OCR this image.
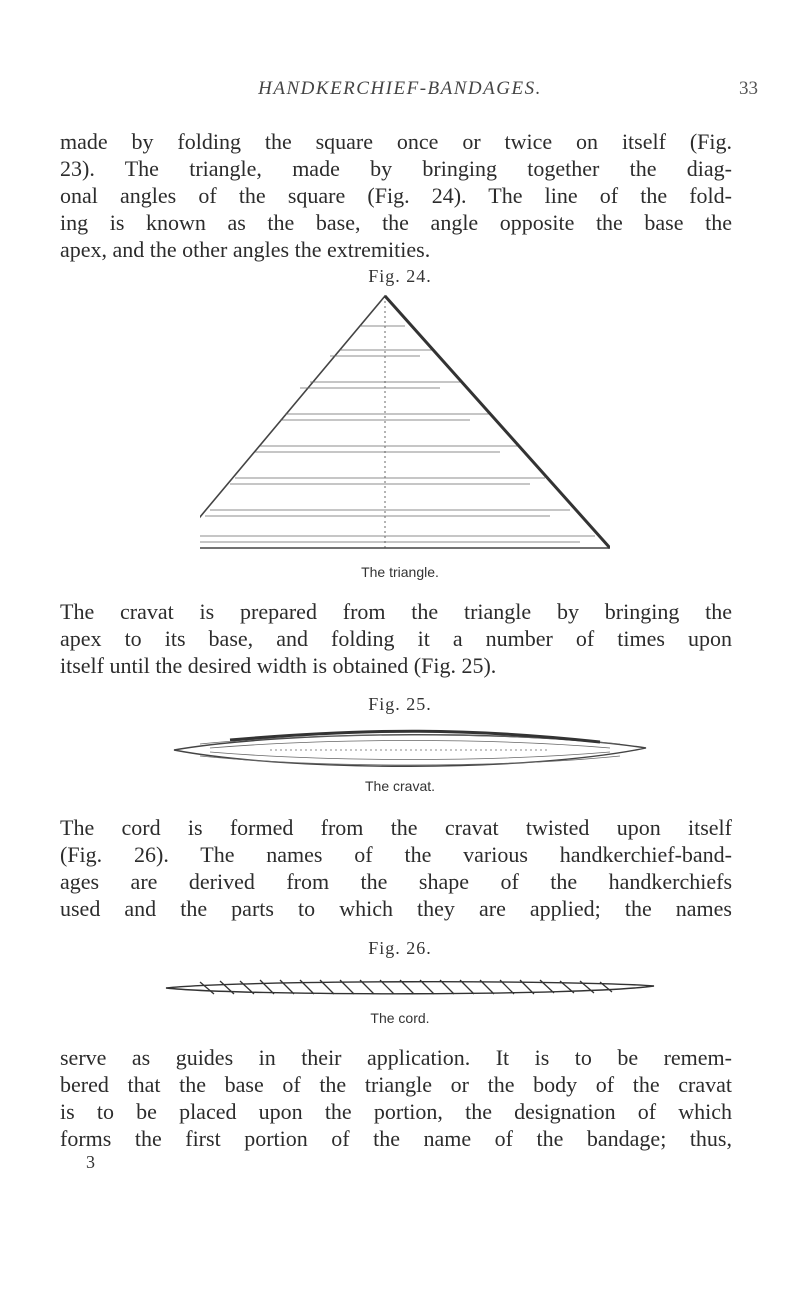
HANDKERCHIEF-BANDAGES.	33
made by folding the square once or twice on itself (Fig.
23). The triangle, made by bringing together the diag-
onal angles of the square (Fig. 24). The line of the fold-
ing is known as the base, the angle opposite the base the
apex, and the other angles the extremities.
Fig. 24.
The triangle.
The cravat is prepared from the triangle by bringing the
apex to its base, and folding it a number of times upon
itself until the desired width is obtained (Fig. 25).
Fig. 25.
The cravat.
The cord is formed from the cravat twisted upon itself
(Fig. 26). The names of the various handkerchief-band-
ages are derived from the shape of the handkerchiefs
used and the parts to which they are applied; the names
Fig. 26.
The cord.
serve as guides in their application. It is to be remem-
bered that the base of the triangle or the body of the cravat
is to be placed upon the portion, the designation of which
forms the first portion of the name of the bandage; thus,
3
